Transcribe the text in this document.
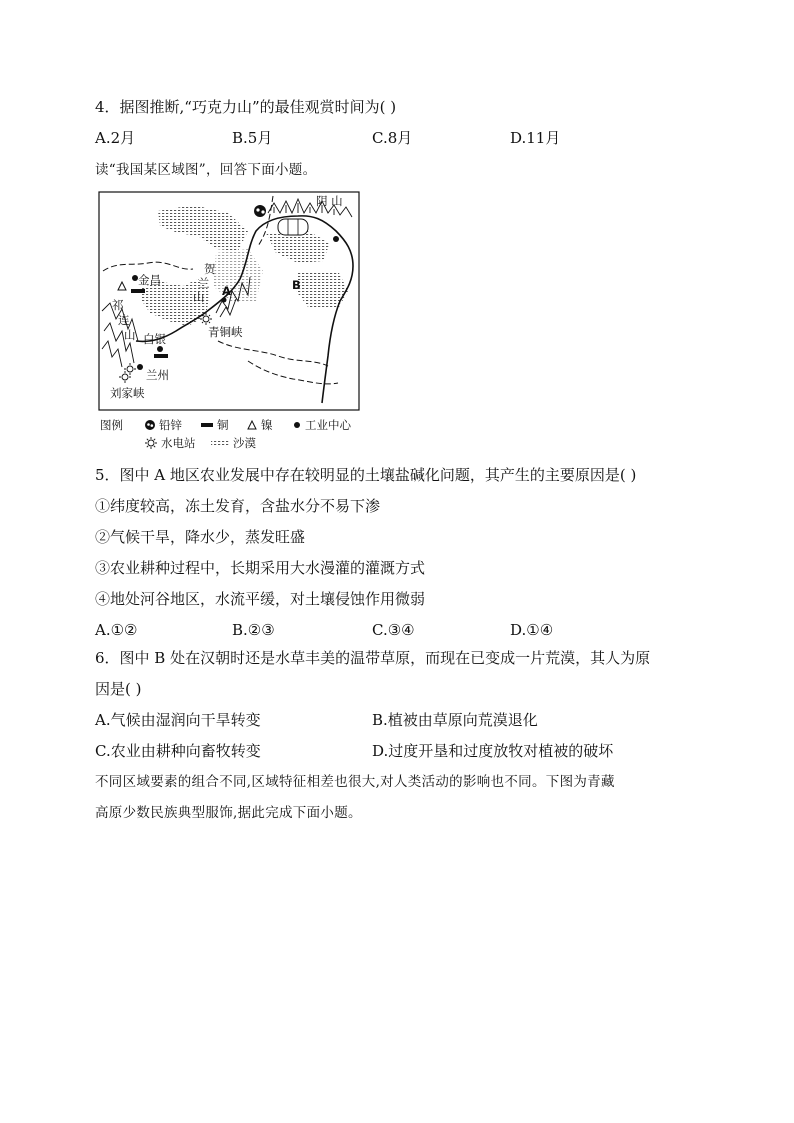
4．据图推断,“巧克力山”的最佳观赏时间为( )
A.2月	B.5月	C.8月	D.11月
读“我国某区域图”，回答下面小题。
阴 山
金昌
祁
连
山
贺
兰
山 A	B
青铜峡
白银
兰州
刘家峡
图例	铅锌	铜	镍	工业中心
水电站	沙漠
5．图中 A 地区农业发展中存在较明显的土壤盐碱化问题，其产生的主要原因是( )
①纬度较高，冻土发育，含盐水分不易下渗
②气候干旱，降水少，蒸发旺盛
③农业耕种过程中，长期采用大水漫灌的灌溉方式
④地处河谷地区，水流平缓，对土壤侵蚀作用微弱
A.①②	B.②③	C.③④	D.①④
6．图中 B 处在汉朝时还是水草丰美的温带草原，而现在已变成一片荒漠，其人为原
因是( )
A.气候由湿润向干旱转变	B.植被由草原向荒漠退化
C.农业由耕种向畜牧转变	D.过度开垦和过度放牧对植被的破坏
不同区域要素的组合不同,区域特征相差也很大,对人类活动的影响也不同。下图为青藏
高原少数民族典型服饰,据此完成下面小题。
